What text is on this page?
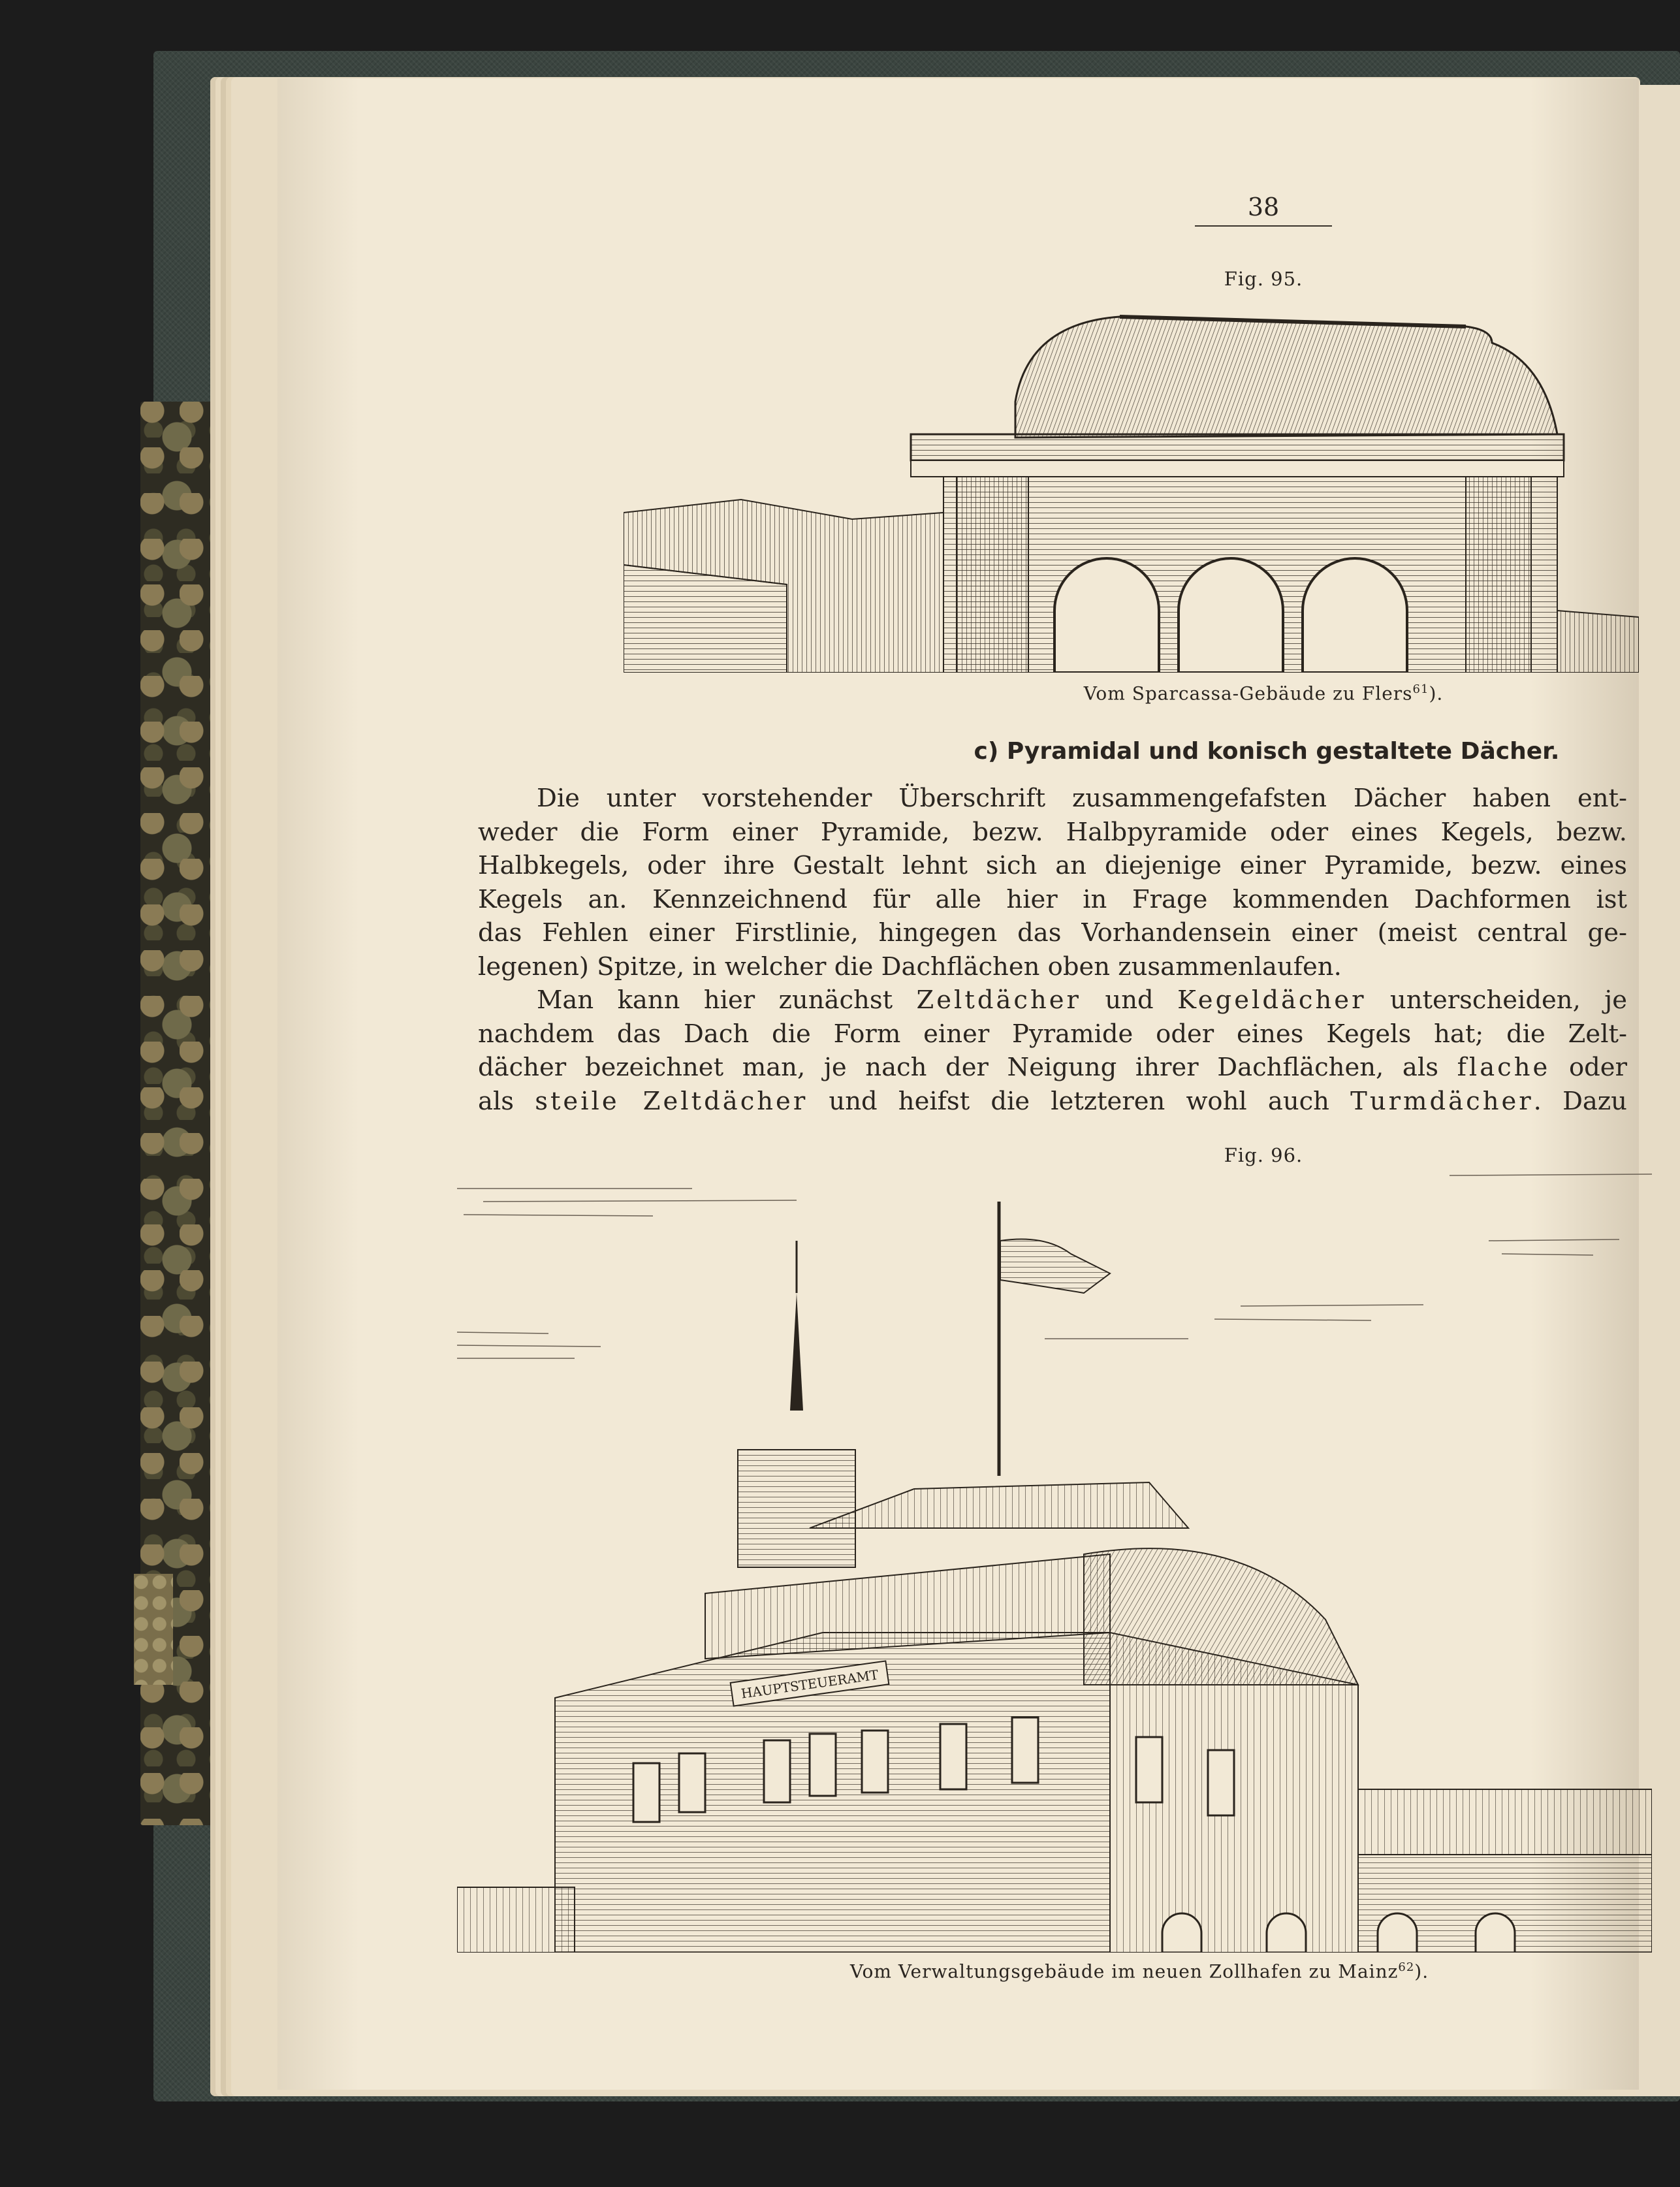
38
Fig. 95.
Vom Sparcassa-Gebäude zu Flers$^{61}$).
c) Pyramidal und konisch gestaltete Dächer.
Die unter vorstehender Überschrift zusammengefafsten Dächer haben ent-
weder die Form einer Pyramide, bezw. Halbpyramide oder eines Kegels, bezw.
Halbkegels, oder ihre Gestalt lehnt sich an diejenige einer Pyramide, bezw. eines
Kegels an. Kennzeichnend für alle hier in Frage kommenden Dachformen ist
das Fehlen einer Firstlinie, hingegen das Vorhandensein einer (meist central ge-
legenen) Spitze, in welcher die Dachflächen oben zusammenlaufen.
Man kann hier zunächst Zeltdächer und Kegeldächer unterscheiden, je
nachdem das Dach die Form einer Pyramide oder eines Kegels hat; die Zelt-
dächer bezeichnet man, je nach der Neigung ihrer Dachflächen, als flache oder
als steile Zeltdächer und heifst die letzteren wohl auch Turmdächer. Dazu
Fig. 96.
HAUPTSTEUERAMT
Vom Verwaltungsgebäude im neuen Zollhafen zu Mainz$^{62}$).
